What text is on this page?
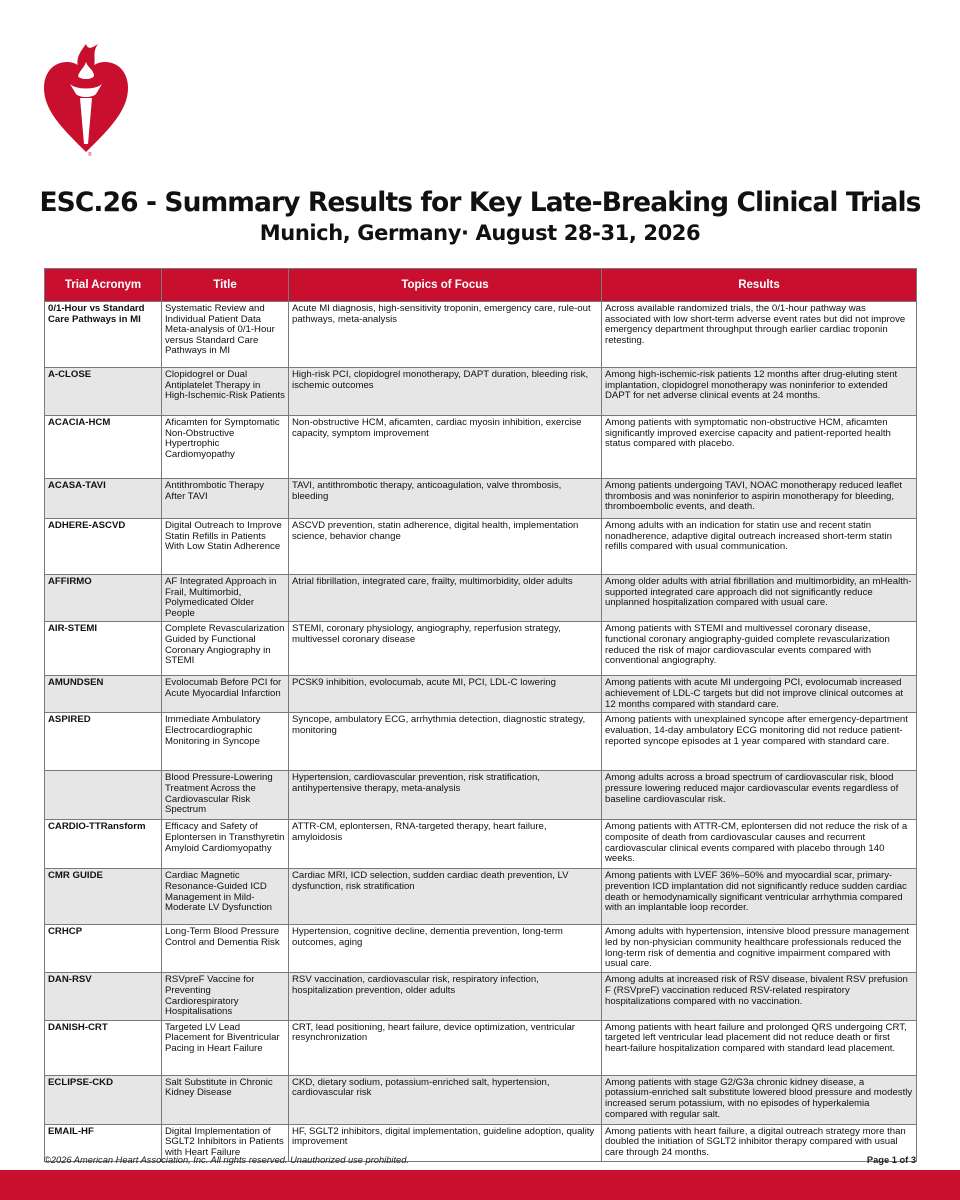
®
ESC.26 - Summary Results for Key Late-Breaking Clinical Trials
Munich, Germany· August 28-31, 2026
Trial Acronym	Title	Topics of Focus	Results
0/1-Hour vs Standard Care Pathways in MI	Systematic Review and Individual Patient Data Meta-analysis of 0/1-Hour versus Standard Care Pathways in MI	Acute MI diagnosis, high-sensitivity troponin, emergency care, rule-out pathways, meta-analysis	Across available randomized trials, the 0/1-hour pathway was associated with low short-term adverse event rates but did not improve emergency department throughput through earlier cardiac troponin retesting.
A-CLOSE	Clopidogrel or Dual Antiplatelet Therapy in High-Ischemic-Risk Patients	High-risk PCI, clopidogrel monotherapy, DAPT duration, bleeding risk, ischemic outcomes	Among high-ischemic-risk patients 12 months after drug-eluting stent implantation, clopidogrel monotherapy was noninferior to extended DAPT for net adverse clinical events at 24 months.
ACACIA-HCM	Aficamten for Symptomatic Non-Obstructive Hypertrophic Cardiomyopathy	Non-obstructive HCM, aficamten, cardiac myosin inhibition, exercise capacity, symptom improvement	Among patients with symptomatic non-obstructive HCM, aficamten significantly improved exercise capacity and patient-reported health status compared with placebo.
ACASA-TAVI	Antithrombotic Therapy After TAVI	TAVI, antithrombotic therapy, anticoagulation, valve thrombosis, bleeding	Among patients undergoing TAVI, NOAC monotherapy reduced leaflet thrombosis and was noninferior to aspirin monotherapy for bleeding, thromboembolic events, and death.
ADHERE-ASCVD	Digital Outreach to Improve Statin Refills in Patients With Low Statin Adherence	ASCVD prevention, statin adherence, digital health, implementation science, behavior change	Among adults with an indication for statin use and recent statin nonadherence, adaptive digital outreach increased short-term statin refills compared with usual communication.
AFFIRMO	AF Integrated Approach in Frail, Multimorbid, Polymedicated Older People	Atrial fibrillation, integrated care, frailty, multimorbidity, older adults	Among older adults with atrial fibrillation and multimorbidity, an mHealth-supported integrated care approach did not significantly reduce unplanned hospitalization compared with usual care.
AIR-STEMI	Complete Revascularization Guided by Functional Coronary Angiography in STEMI	STEMI, coronary physiology, angiography, reperfusion strategy, multivessel coronary disease	Among patients with STEMI and multivessel coronary disease, functional coronary angiography-guided complete revascularization reduced the risk of major cardiovascular events compared with conventional angiography.
AMUNDSEN	Evolocumab Before PCI for Acute Myocardial Infarction	PCSK9 inhibition, evolocumab, acute MI, PCI, LDL-C lowering	Among patients with acute MI undergoing PCI, evolocumab increased achievement of LDL-C targets but did not improve clinical outcomes at 12 months compared with standard care.
ASPIRED	Immediate Ambulatory Electrocardiographic Monitoring in Syncope	Syncope, ambulatory ECG, arrhythmia detection, diagnostic strategy, monitoring	Among patients with unexplained syncope after emergency-department evaluation, 14-day ambulatory ECG monitoring did not reduce patient-reported syncope episodes at 1 year compared with standard care.
	Blood Pressure-Lowering Treatment Across the Cardiovascular Risk Spectrum	Hypertension, cardiovascular prevention, risk stratification, antihypertensive therapy, meta-analysis	Among adults across a broad spectrum of cardiovascular risk, blood pressure lowering reduced major cardiovascular events regardless of baseline cardiovascular risk.
CARDIO-TTRansform	Efficacy and Safety of Eplontersen in Transthyretin Amyloid Cardiomyopathy	ATTR-CM, eplontersen, RNA-targeted therapy, heart failure, amyloidosis	Among patients with ATTR-CM, eplontersen did not reduce the risk of a composite of death from cardiovascular causes and recurrent cardiovascular clinical events compared with placebo through 140 weeks.
CMR GUIDE	Cardiac Magnetic Resonance-Guided ICD Management in Mild-Moderate LV Dysfunction	Cardiac MRI, ICD selection, sudden cardiac death prevention, LV dysfunction, risk stratification	Among patients with LVEF 36%–50% and myocardial scar, primary-prevention ICD implantation did not significantly reduce sudden cardiac death or hemodynamically significant ventricular arrhythmia compared with an implantable loop recorder.
CRHCP	Long-Term Blood Pressure Control and Dementia Risk	Hypertension, cognitive decline, dementia prevention, long-term outcomes, aging	Among adults with hypertension, intensive blood pressure management led by non-physician community healthcare professionals reduced the long-term risk of dementia and cognitive impairment compared with usual care.
DAN-RSV	RSVpreF Vaccine for Preventing Cardiorespiratory Hospitalisations	RSV vaccination, cardiovascular risk, respiratory infection, hospitalization prevention, older adults	Among adults at increased risk of RSV disease, bivalent RSV prefusion F (RSVpreF) vaccination reduced RSV-related respiratory hospitalizations compared with no vaccination.
DANISH-CRT	Targeted LV Lead Placement for Biventricular Pacing in Heart Failure	CRT, lead positioning, heart failure, device optimization, ventricular resynchronization	Among patients with heart failure and prolonged QRS undergoing CRT, targeted left ventricular lead placement did not reduce death or first heart-failure hospitalization compared with standard lead placement.
ECLIPSE-CKD	Salt Substitute in Chronic Kidney Disease	CKD, dietary sodium, potassium-enriched salt, hypertension, cardiovascular risk	Among patients with stage G2/G3a chronic kidney disease, a potassium-enriched salt substitute lowered blood pressure and modestly increased serum potassium, with no episodes of hyperkalemia compared with regular salt.
EMAIL-HF	Digital Implementation of SGLT2 Inhibitors in Patients with Heart Failure	HF, SGLT2 inhibitors, digital implementation, guideline adoption, quality improvement	Among patients with heart failure, a digital outreach strategy more than doubled the initiation of SGLT2 inhibitor therapy compared with usual care through 24 months.
©2026 American Heart Association, Inc. All rights reserved. Unauthorized use prohibited.	Page 1 of 3
